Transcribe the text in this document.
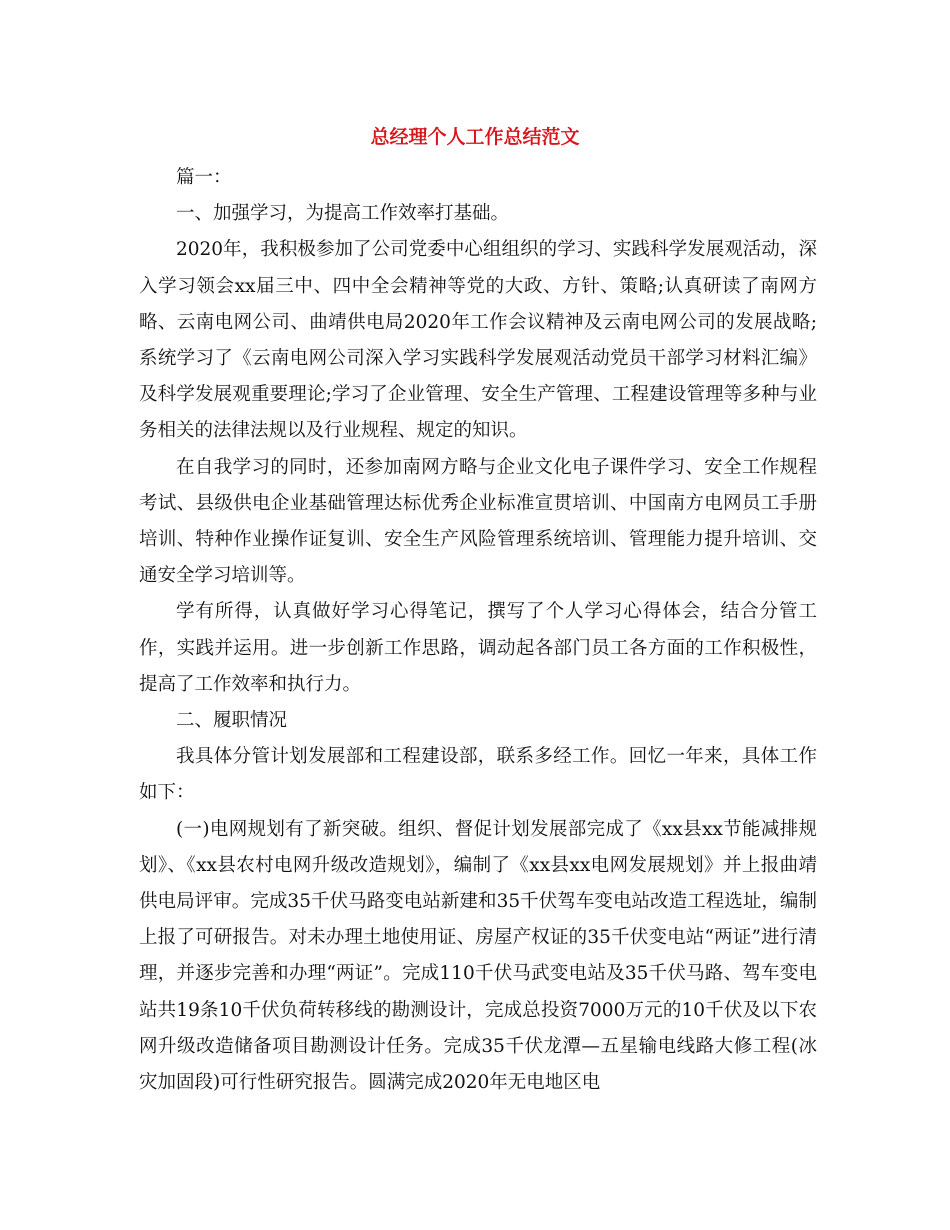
总经理个人工作总结范文

篇一：

一、加强学习，为提高工作效率打基础。

2020年，我积极参加了公司党委中心组组织的学习、实践科学发展观活动，深入学习领会xx届三中、四中全会精神等党的大政、方针、策略;认真研读了南网方略、云南电网公司、曲靖供电局2020年工作会议精神及云南电网公司的发展战略;系统学习了《云南电网公司深入学习实践科学发展观活动党员干部学习材料汇编》及科学发展观重要理论;学习了企业管理、安全生产管理、工程建设管理等多种与业务相关的法律法规以及行业规程、规定的知识。

在自我学习的同时，还参加南网方略与企业文化电子课件学习、安全工作规程考试、县级供电企业基础管理达标优秀企业标准宣贯培训、中国南方电网员工手册培训、特种作业操作证复训、安全生产风险管理系统培训、管理能力提升培训、交通安全学习培训等。

学有所得，认真做好学习心得笔记，撰写了个人学习心得体会，结合分管工作，实践并运用。进一步创新工作思路，调动起各部门员工各方面的工作积极性，提高了工作效率和执行力。

二、履职情况

我具体分管计划发展部和工程建设部，联系多经工作。回忆一年来，具体工作如下：

(一)电网规划有了新突破。组织、督促计划发展部完成了《xx县xx节能减排规划》、《xx县农村电网升级改造规划》，编制了《xx县xx电网发展规划》并上报曲靖供电局评审。完成35千伏马路变电站新建和35千伏驾车变电站改造工程选址，编制上报了可研报告。对未办理土地使用证、房屋产权证的35千伏变电站“两证”进行清理，并逐步完善和办理“两证”。完成110千伏马武变电站及35千伏马路、驾车变电站共19条10千伏负荷转移线的勘测设计，完成总投资7000万元的10千伏及以下农网升级改造储备项目勘测设计任务。完成35千伏龙潭—五星输电线路大修工程(冰灾加固段)可行性研究报告。圆满完成2020年无电地区电
